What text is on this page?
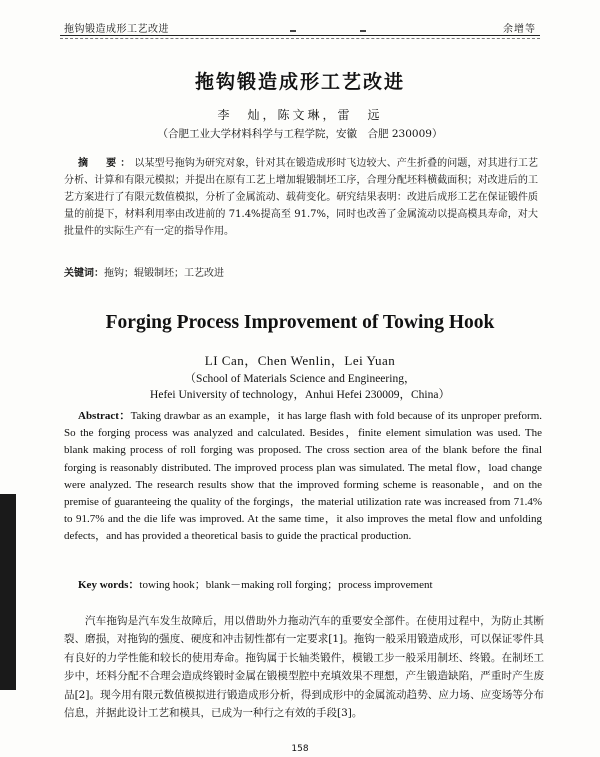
拖钩锻造成形工艺改进	余增等
拖钩锻造成形工艺改进
李　灿，陈文琳，雷　远
（合肥工业大学材料科学与工程学院，安徽　合肥 230009）
摘　要：以某型号拖钩为研究对象，针对其在锻造成形时飞边较大、产生折叠的问题，对其进行工艺分析、计算和有限元模拟；并提出在原有工艺上增加辊锻制坯工序，合理分配坯料横截面积；对改进后的工艺方案进行了有限元数值模拟，分析了金属流动、载荷变化。研究结果表明：改进后成形工艺在保证锻件质量的前提下，材料利用率由改进前的 71.4%提高至 91.7%，同时也改善了金属流动以提高模具寿命，对大批量件的实际生产有一定的指导作用。
关键词：拖钩；辊锻制坯；工艺改进
Forging Process Improvement of Towing Hook
LI Can，Chen Wenlin，Lei Yuan
（School of Materials Science and Engineering，
Hefei University of technology，Anhui Hefei 230009，China）
Abstract：Taking drawbar as an example，it has large flash with fold because of its unproper preform. So the forging process was analyzed and calculated. Besides，finite element simulation was used. The blank making process of roll forging was proposed. The cross section area of the blank before the final forging is reasonably distributed. The improved process plan was simulated. The metal flow，load change were analyzed. The research results show that the improved forming scheme is reasonable，and on the premise of guaranteeing the quality of the forgings，the material utilization rate was increased from 71.4% to 91.7% and the die life was improved. At the same time，it also improves the metal flow and unfolding defects，and has provided a theoretical basis to guide the practical production.
Key words：towing hook；blank－making roll forging；process improvement
汽车拖钩是汽车发生故障后，用以借助外力拖动汽车的重要安全部件。在使用过程中，为防止其断裂、磨损，对拖钩的强度、硬度和冲击韧性都有一定要求[1]。拖钩一般采用锻造成形，可以保证零件具有良好的力学性能和较长的使用寿命。拖钩属于长轴类锻件，模锻工步一般采用制坯、终锻。在制坯工步中，坯料分配不合理会造成终锻时金属在锻模型腔中充填效果不理想，产生锻造缺陷，严重时产生废品[2]。现今用有限元数值模拟进行锻造成形分析，得到成形中的金属流动趋势、应力场、应变场等分布信息，并据此设计工艺和模具，已成为一种行之有效的手段[3]。
158
